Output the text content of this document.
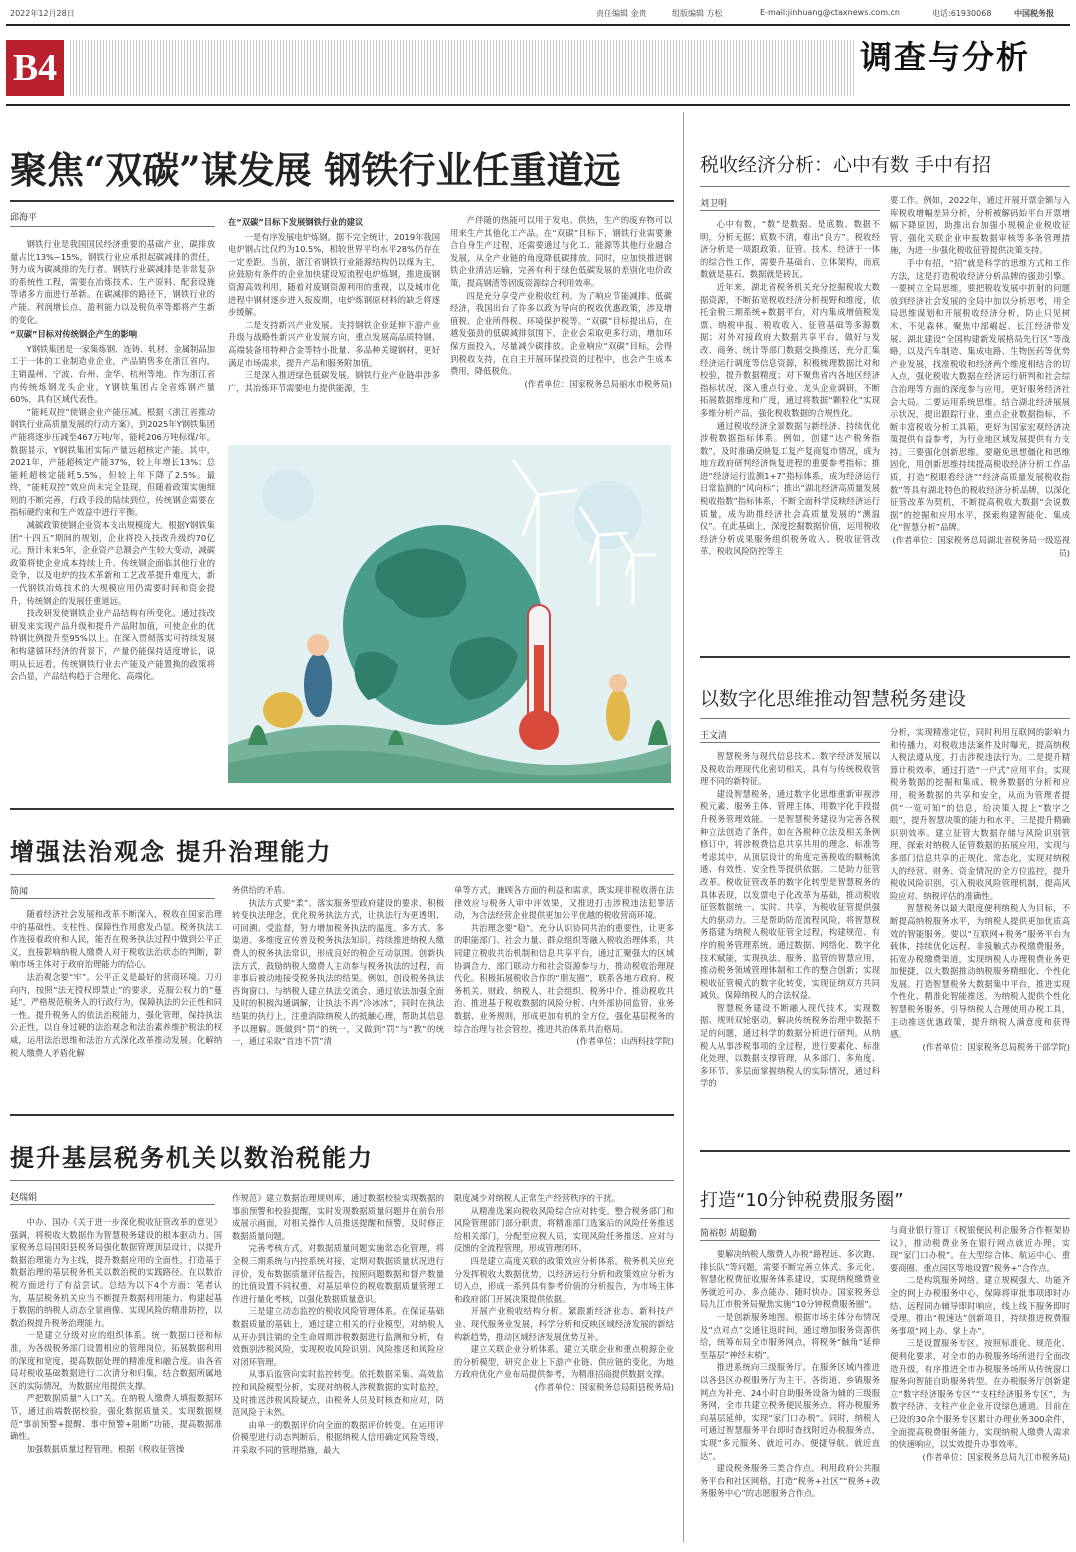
2022年12月28日	责任编辑 金贵	组版编辑 方松	E-mail:jinhuang@ctaxnews.com.cn	电话:61930068	中国税务报
B4	调查与分析
聚焦“双碳”谋发展 钢铁行业任重道远
邱海平

钢铁行业是我国国民经济重要的基础产业，碳排放量占比13%~15%，钢铁行业应承担起碳减排的责任，努力成为碳减排的先行者。钢铁行业碳减排是非常复杂的系统性工程，需要在冶炼技术、生产原料、配套设施等诸多方面进行革新。在碳减排的路径下，钢铁行业的产能、利润增长点、盈利能力以及税负率等都将产生新的变化。

“双碳”目标对传统钢企产生的影响

Y钢铁集团是一家集炼钢、连铸、轧材、金属制品加工于一体的工业制造业企业，产品销售多在浙江省内，主销温州、宁波、台州、金华、杭州等地。作为浙江省内传统炼钢龙头企业，Y钢铁集团占全省炼钢产量60%，具有区域代表性。

“能耗双控”使钢企业产能压减。根据《浙江省推动钢铁行业高质量发展的行动方案》，到2025年Y钢铁集团产能将逐步压减至467万吨/年，能耗206万吨标煤/年。数据显示，Y钢铁集团实际产量远超核定产能。其中，2021年，产能超核定产能37%，较上年增长13%；总能耗超核定能耗5.5%，但较上年下降了2.5%。最终，“能耗双控”效应尚未完全显现，但随着政策实施细则的不断完善，行政手段的陆续到位，传统钢企需要在指标硬约束和生产效益中进行平衡。

减碳政策使钢企业资本支出规模庞大。根据Y钢铁集团“十四五”期间的规划，企业将投入技改升级约70亿元。预计未来5年，企业资产总额会产生较大变动，减碳政策将使企业成本持续上升。传统钢企面临其他行业的竞争，以及电炉的技术革新和工艺改革提升难度大，新一代钢铁冶炼技术的大规模应用仍需要时间和资金提升，传统钢企的发展任重道远。

技改研发使钢铁企业产品结构有所变化。通过技改研发来实现产品升级和提升产品附加值，可使企业的优特钢比例提升至95%以上。在深入贯彻落实可持续发展和构建循环经济的背景下，产量仍能保持适度增长，说明从长远看，传统钢铁行业去产能及产能置换的政策将会凸显，产品结构趋于合理化、高端化。

在“双碳”目标下发展钢铁行业的建议

一是有序发展电炉炼钢。据不完全统计，2019年我国电炉钢占比仅约为10.5%，相较世界平均水平28%仍存在一定差距。当前，浙江省钢铁行业能源结构仍以煤为主，应鼓励有条件的企业加快建设短流程电炉炼钢，推进废钢资源高效利用，随着对废钢资源利用的重视，以及城市化进程中钢材逐步进入报废期，电炉炼钢原材料的缺乏将逐步缓解。

二是支持新兴产业发展。支持钢铁企业延伸下游产业升级与战略性新兴产业发展方向，重点发展高品质特钢、高端装备用特种合金等特小批量、多品种关键钢材，更好满足市场需求，提升产品和服务附加值。

三是深入推进绿色低碳发展。钢铁行业产业链串涉多广，其冶炼环节需要电力提供能源，生

产伴随的热能可以用于发电、供热，生产的废弃物可以用来生产其他化工产品。在“双碳”目标下，钢铁行业需要兼合自身生产过程，还需要通过与化工、能源等其他行业融合发展，从全产业链的角度降低碳排放。同时，应加快推进钢铁企业清洁运输，完善有利于绿色低碳发展的差别化电价政策，提高钢渣等固废资源综合利用效率。

四是充分享受产业税收红利。为了响应节能减排、低碳经济，我国出台了许多以政为导向的税收优惠政策，涉及增值税、企业所得税、环境保护税等。“双碳”目标提出后，在越发强劲的低碳减排氛围下，企业会采取更多行动，增加环保方面投入，尽量减少碳排放。企业响应“双碳”目标，会得到税收支持，在自主开展环保投资的过程中，也会产生成本费用，降低税负。

(作者单位：国家税务总局丽水市税务局)

增强法治观念 提升治理能力
简闻

随着经济社会发展和改革不断深入，税收在国家治理中的基础性、支柱性、保障性作用愈发凸显。税务执法工作连接着政府和人民，能否在税务执法过程中做到公平正义，直接影响纳税人缴费人对于税收法治状态的判断，影响市场主体对于政府治理能力的信心。

法治观念要“牢”。公平正义是最好的营商环境。刀刃向内，按照“法无授权即禁止”的要求，克服公权力的“蔓延”，严格规范税务人的行政行为，保障执法的公正性和同一性。提升税务人的依法治税能力，强化管理，保持执法公正性，以自身过硬的法治观念和法治素养维护税法的权威，运用法治思维和法治方式深化改革推动发展、化解纳税人缴费人矛盾化解

务供给的矛盾。

执法方式要“柔”。落实服务型政府建设的要求，积极转变执法理念，优化税务执法方式，让执法行为更透明、可回溯、受监督，努力增加税务执法的温度。多方式、多渠道、多维度宣传普及税务执法知识，持续推进纳税人缴费人的税务执法常识，形成良好的税企互动氛围。创新执法方式，鼓励纳税人缴费人主动参与税务执法的过程，而非事后被动地接受税务执法的结果。例如，创设税务执法咨询窗口、与纳税人建立执法交流会、通过依法加强全面及时的积极沟通调解，让执法不再“冷冰冰”，同时在执法结果的执行上，注重消除纳税人的抵触心理，帮助其信息予以理解。既做到“罚”的统一，又做到“罚”与“教”的统一，通过采取“首违不罚”清

单等方式，兼顾各方面的利益和需求，既实现非税收潜在法律效应与税务人审中评效果，又推进打击涉税违法犯罪活动，为合法经营企业提供更加公平优越的税收营商环境。

共治理念要“稳”。充分认识协同共治的重要性，让更多的职能部门、社会力量、群众组织等融入税收治理体系，共同建立税收共治机制和信息共享平台，通过汇聚强大的区域协调合力，部门联动力和社会资源参与力，推动税收治理现代化。积极拓展税收合作的“朋友圈”，联系各地方政府、税务机关、财政、纳税人、社会组织、税务中介、推动税收共治、推进基于税收数据的风险分析、内外部协同监管、业务数据、业务规则，形成更加有机的全方位，强化基层税务的综合治理与社会管控，推进共治体系共治格局。

(作者单位：山西科技学院)

提升基层税务机关以数治税能力
赵瑞娟

中办、国办《关于进一步深化税收征管改革的意见》强调，将税收大数据作为智慧税务建设的根本驱动力。国家税务总局国阳县税务局强化数据管理顶层设计，以提升数据治理能力为主线，提升数据应用的全面性，打造基于数据治理的基层税务机关以数治税的实践路径。在以数治税方面进行了有益尝试。总结为以下4个方面：笔者认为，基层税务机关应当不断提升数据利用能力、构建起基于数据的纳税人动态全景画像、实现风险的精准防控，以数治税提升税务治理能力。

一是建立分级对应的组织体系。统一数据口径和标准，为各级税务部门设置相应的管理岗位，拓展数据利用的深度和宽度，提高数据处理的精准度和融合度。由各省局对税收基础数据进行二次清分和归集，结合数据所属地区的实际情况，为数据应用提供支撑。

严把数据质量“入口”关。在纳税人缴费人填报数据环节，通过前端数据校验，强化数据质量关。实现数据规范“事前预警+提醒、事中预警+阻断”功能，提高数据准确性。

加强数据质量过程管理。根据《税收征管操

作规范》建立数据治理规则库，通过数据校验实现数据的事前预警和校验提醒，实时发现数据质量问题并在前台形成展示画面，对相关操作人员推送提醒和预警，及时修正数据质量问题。

完善考核方式。对数据质量问题实施常态化管理，将全税三期系统与内控系统对接，定期对数据质量状况进行评价，发布数据质量评估报告，按照问题数据和督产数量的比值设置不同权重，对基层单位的税收数据质量管理工作进行量化考核，以强化数据质量意识。

三是建立动态监控的税收风险管理体系。在保证基础数据质量的基础上，通过建立相关的行业模型，对纳税人从开办到注销的全生命周期涉税数据进行监测和分析，有效甄别涉税风险，实现税收风险识别、风险推送和风险应对闭环管理。

从事后监管向实时监控转变。依托数据采集、高效监控和风险模型分析，实现对纳税人涉税数据的实时监控，及时推送涉税风险疑点，由税务人员及时核查和应对，防范风险于未然。

由单一的数据评价向全面的数据评价转变。在运用评价模型进行动态判断后，根据纳税人信用确定风险等级，并采取不同的管理措施，最大

限度减少对纳税人正常生产经营秩序的干扰。

从精准选案向税收风险综合应对转变。整合税务部门和风险管理部门部分职责，将精准部门选案后的风险任务推送给相关部门，分配至应税人员，实现风险任务推送、应对与反馈的全流程管理，形成管理闭环。

四是建立高度关联的政策效应分析体系。税务机关应充分发挥税收大数据优势，以经济运行分析和政策效应分析为切入点，形成一系列具有参考价值的分析报告，为市场主体和政府部门开展决策提供依据。

开展产业税收结构分析。紧跟新经济业态、新科技产业、现代服务业发展，科学分析和反映区域经济发展的新结构新趋势，推动区域经济发展优势互补。

建立关联企业分析体系。建立关联企业和重点税源企业的分析模型，研究企业上下游产业链、供应链的变化，为地方政府优化产业布局提供参考，为精准招商提供数据支撑。

(作者单位：国家税务总局阳县税务局)

税收经济分析：心中有数 手中有招
刘卫明

心中有数，“数”是数据、是底数。数据不明，分析无据；底数不清，难出“良方”。税收经济分析是一项跟政策、征管、技术、经济于一体的综合性工作，需要升基础台、立体架构，而底数就是基石、数据就是砖瓦。

近年来，湖北省税务机关充分挖掘税收大数据资源，不断拓宽税收经济分析视野和维度，依托金税三期系统+数据平台，对内集成增值税发票、纳税申报、税收收入、征管基础等多源数据；对外对接政府大数据共享平台，做好与发改、商务、统计等部门数据交换推送，充分汇集经济运行调度等信息资源，积极梳理数据比对和校验，提升数据精度；对下聚焦省内各地区经济指标状况，深入重点行业、龙头企业调研，不断拓展数据维度和广度，通过将数据“颗粒化”实现多维分析产品，强化税收数据的合规性化。

通过税收经济全景数据与新经济、持续优化涉税数据指标体系。例如，创建“达产税务指数”，及时准确反映复工复产复商复市情况，成为地方政府研判经济恢复进程的重要参考指标；推进“经济运行监测1+7”指标体系，成为经济运行日常监测的“风向标”；推出“湖北经济高质量发展税收指数”指标体系，不断全面科学反映经济运行质量，成为助推经济社会高质量发展的“测温仪”。在此基础上，深度挖掘数据价值，运用税收经济分析成果服务组织税务收入、税收征管改革、税收风险防控等主

要工作。例如，2022年，通过开展开票金额与入库税收增幅差异分析，分析被解码始平台开票增幅下降原因，助推出台加强小规模企业税收征管、强化关联企业申报数据审核等多条管理措施，为进一步强化税收征管提供决策支持。

手中有招，“招”就是科学的思维方式和工作方法，这是打造税收经济分析品牌的强劲引擎。一要树立全局思维，要把税收发展中折射的问题放到经济社会发展的全局中加以分析思考，用全局思维谋划和开展税收经济分析，防止只见树木、不见森林。聚焦中部崛起、长江经济带发展、湖北建设“全国构建新发展格局先行区”等战略，以及汽车制造、集成电路、生物医药等优势产业发展，找准税收和经济两个维度相结合的切入点，强化税收大数据在经济运行研判和社会综合治理等方面的深度参与应用，更好服务经济社会大局。二要运用系统思维。结合湖北经济展展示状况，提出跟踪行业、重点企业数据指标，不断丰富税收分析工具箱，更好为国家宏观经济决策提供有益参考，为行业地区域发展提供有力支持。三要强化创新思维。要避免思想僵化和思维固化，用创新思维持续提高税收经济分析工作品质，打造“税眼看经济”“经济高质量发展税收指数”等具有湖北特色的税收经济分析品牌，以深化征管改革为契机，不断提高税收大数据“会说数据”的挖掘和应用水平，探索构建智能化、集成化“智慧分析”品牌。

(作者单位：国家税务总局湖北省税务局一级巡视员)

以数字化思维推动智慧税务建设
王文清

智慧税务与现代信息技术、数字经济发展以及税收治理现代化密切相关，具有与传统税收管理不同的新特征。

建设智慧税务，通过数字化思维重新审视涉税元素、服务主体、管理主体，用数字化手段提升税务管理效能。一是智慧税务建设为完善各税种立法创造了条件，如在各税种立法及相关条例修订中，将涉税费信息共享共用的理念、标准等考虑其中，从顶层设计的角度完善税收的顺畅流通、有效性、安全性等提供依据。二是助力征管改革。税收征管改革的数字化转型是智慧税务的具体表现，以发票电子化改革为基础，推动税收征管数据统一、实时、共享，为税收征管提供强大的驱动力。三是帮助防范流程风险，将智慧税务搭建为纳税人税收征管全过程，构建规范、有序的税务管理系统。通过数据、网络化、数字化技术赋能，实现执法、服务、监管的智慧应用，推动税务领域管理体制和工作的整合创新；实现税收征管模式的数字化转变，实现征纳双方共同减负，保障纳税人的合法权益。

智慧税务建设不断融入现代技术，实现数据、规则双轮驱动，解决传统税务治理中数据不足的问题，通过科学的数据分析进行研判。从纳税人从事涉税事项的全过程，进行要素化、标准化处理，以数据支撑管理，从多部门、多角度、多环节、多层面掌握纳税人的实际情况，通过科学的

分析，实现精准定位，同时利用互联网的影响力和传播力，对税收违法案件及时曝光，提高纳税人税法遵从度，打击涉税违法行为。二是提升精算计税效率，通过打造“一户式”应用平台，实现税务数据的挖掘和集成、税务数据的分析和应用，税务数据的共享和安全，从而为管理者提供“一览可知”的信息，给决策人提上“数字之眼”，提升智慧决策的能力和水平。三是提升精确识别效率。建立征管大数据存储与风险识别管理，探索对纳税人征管数据的拓展应用，实现与多部门信息共享的正规化、常态化，实现对纳税人的经营、财务、资金情况的全方位监控，提升税收风险识别，引入税收风险管理机制，提高风险应对、纳税评估的准确性。

智慧税务以最大限度便利纳税人为目标，不断提高纳税服务水平，为纳税人提供更加优质高效的智能服务。要以“互联网+税务”服务平台为载体，持续优化远程、非接触式办税缴费服务，拓宽办税缴费渠道，实现纳税人办理税费业务更加便捷，以大数据推动纳税服务精细化、个性化发展。打造智慧税务大数据集中平台，推进实现个性化、精准化智能推送，为纳税人提供个性化智慧税务服务，引导纳税人合理使用办税工具，主动推送优惠政策，提升纳税人满意度和获得感。

(作者单位：国家税务总局税务干部学院)

打造“10分钟税费服务圈”
简裕彰 胡聪勤

要解决纳税人缴费人办税“路程远、多次跑、排长队”等问题，需要不断完善立体式、多元化、智慧化税费征收服务体系建设，实现纳税缴费业务就近可办、多点能办、随时快办。国家税务总局九江市税务局聚焦实施“10分钟税费服务圈”。

一是创新服务地图。根据市场主体分布情况及“点对点”交通往返时间，通过增加服务资源供给，统筹布局全市服务网点，将税务“触角”延伸至基层“神经末梢”。

推进系统向三级服务厅。在服务区域内推进以各县区办税服务厅为主干、各街道、乡镇服务网点为补充、24小时自助服务设备为辅的三级服务网，全市共建立税务便民服务点，将办税服务向基层延伸，实现“家门口办税”。同时，纳税人可通过智慧服务平台即时查找附近办税服务点，实现“多元服务、就近可办、便捷导航、就近直达”。

建设税务服务三类合作点。利用政府公共服务平台和社区网格，打造“税务+社区”“税务+政务服务中心”的志愿服务合作点。

与商业银行签订《税银便民利企服务合作框架协议》，推动税费业务在银行网点就近办理，实现“家门口办税”。在大型综合体、航运中心、重要商圈、重点园区等地设置“税务+”合作点。

二是构筑服务网络。建立规模强大、功能齐全的网上办税服务中心，保障将审批事项即时办结、远程同办辅导即时响应，线上线下服务即时受理。推出“税速达”创新项目，持续推进税费服务事项“网上办、掌上办”。

三是设置服务专区。按照标准化、规范化、便利化要求，对全市的办税服务场所进行全面改造升级，有序推进全市办税服务场所从传统窗口服务向智能自助服务转型。在办税服务厅创新建立“数字经济服务专区”“支柱经济服务专区”，为数字经济、支柱产业企业开设绿色通道。目前在已设的30余个服务专区累计办理业务300余件，全面提高税费服务能力，实现纳税人缴费人需求的快速响应，以实效提升办事效率。

(作者单位：国家税务总局九江市税务局)
